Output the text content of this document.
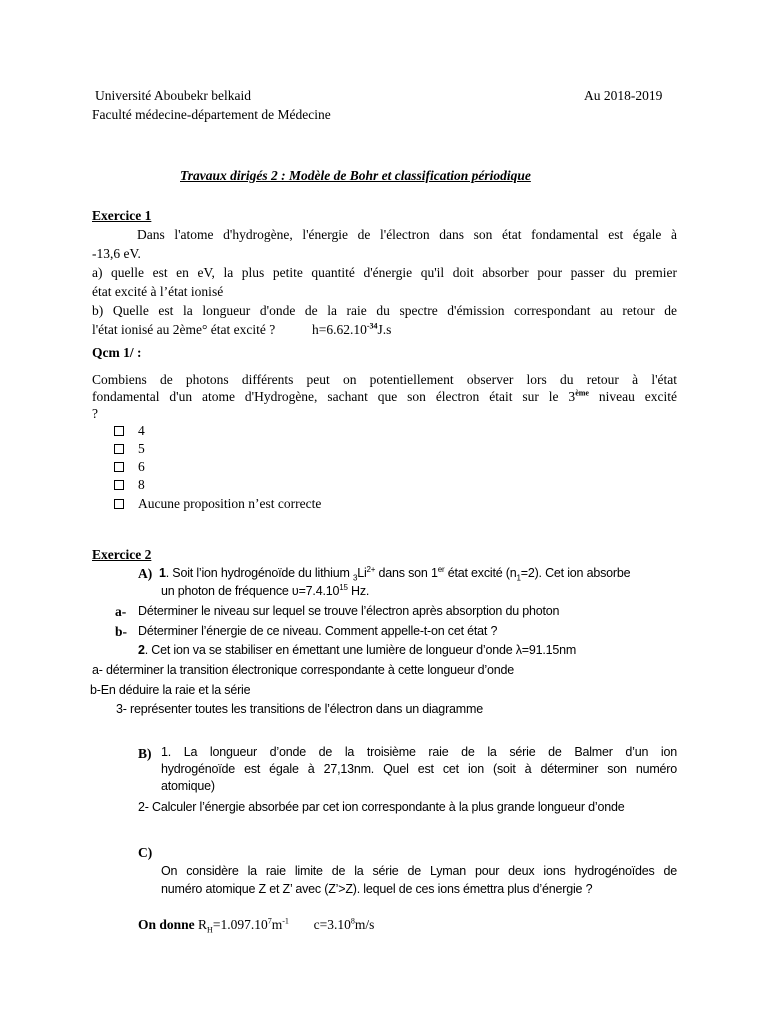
Université Aboubekr belkaid	Au 2018-2019
Faculté médecine-département de Médecine
Travaux dirigés 2 : Modèle de Bohr et classification périodique
Exercice 1
Dans l'atome d'hydrogène, l'énergie de l'électron dans son état fondamental est égale à
-13,6 eV.
a) quelle est en eV, la plus petite quantité d'énergie qu'il doit absorber pour passer du premier
état excité à l’état ionisé
b) Quelle est la longueur d'onde de la raie du spectre d'émission correspondant au retour de
l'état ionisé au 2ème° état excité ?	$h=6.62.10^{-34}J.s$
Qcm 1/ :
Combiens de photons différents peut on potentiellement observer lors du retour à l'état
fondamental d'un atome d'Hydrogène, sachant que son électron était sur le 3ème niveau excité
?
4
5
6
8
Aucune proposition n’est correcte
Exercice 2
A) 1. Soit l’ion hydrogénoïde du lithium $_3Li^{2+}$ dans son 1er état excité $(n_1=2)$. Cet ion absorbe
un photon de fréquence $\upsilon=7.4.10^{15}$ Hz.
a- Déterminer le niveau sur lequel se trouve l’électron après absorption du photon
b- Déterminer l’énergie de ce niveau. Comment appelle-t-on cet état ?
2. Cet ion va se stabiliser en émettant une lumière de longueur d’onde λ=91.15nm
a- déterminer la transition électronique correspondante à cette longueur d’onde
b-En déduire la raie et la série
3- représenter toutes les transitions de l’électron dans un diagramme
B) 1. La longueur d’onde de la troisième raie de la série de Balmer d’un ion
hydrogénoïde est égale à 27,13nm. Quel est cet ion (soit à déterminer son numéro
atomique)
2- Calculer l’énergie absorbée par cet ion correspondante à la plus grande longueur d’onde
C)
On considère la raie limite de la série de Lyman pour deux ions hydrogénoïdes de
numéro atomique Z et Z’ avec (Z’>Z). lequel de ces ions émettra plus d’énergie ?
On donne $R_H=1.097.10^7m^{-1}$ $c=3.10^8m/s$
